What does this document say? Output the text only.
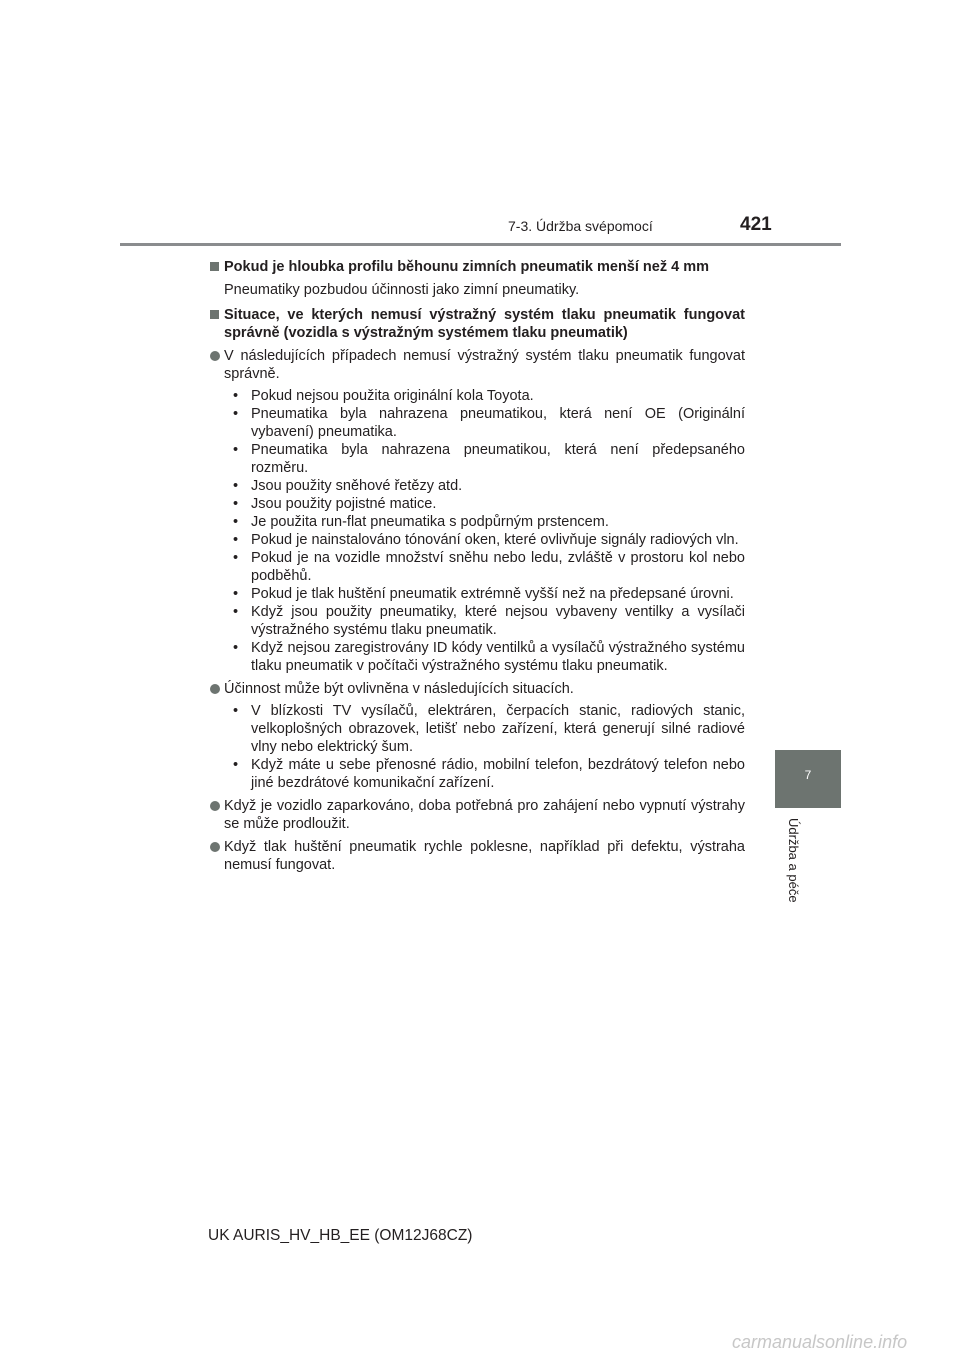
7-3. Údržba svépomocí	421
7
Údržba a péče
Pokud je hloubka profilu běhounu zimních pneumatik menší než 4 mm
Pneumatiky pozbudou účinnosti jako zimní pneumatiky.
Situace, ve kterých nemusí výstražný systém tlaku pneumatik fungovat správně (vozidla s výstražným systémem tlaku pneumatik)
V následujících případech nemusí výstražný systém tlaku pneumatik fungovat správně.
• Pokud nejsou použita originální kola Toyota.
• Pneumatika byla nahrazena pneumatikou, která není OE (Originální vybavení) pneumatika.
• Pneumatika byla nahrazena pneumatikou, která není předepsaného rozměru.
• Jsou použity sněhové řetězy atd.
• Jsou použity pojistné matice.
• Je použita run-flat pneumatika s podpůrným prstencem.
• Pokud je nainstalováno tónování oken, které ovlivňuje signály radiových vln.
• Pokud je na vozidle množství sněhu nebo ledu, zvláště v prostoru kol nebo podběhů.
• Pokud je tlak huštění pneumatik extrémně vyšší než na předepsané úrovni.
• Když jsou použity pneumatiky, které nejsou vybaveny ventilky a vysílači výstražného systému tlaku pneumatik.
• Když nejsou zaregistrovány ID kódy ventilků a vysílačů výstražného systému tlaku pneumatik v počítači výstražného systému tlaku pneumatik.
Účinnost může být ovlivněna v následujících situacích.
• V blízkosti TV vysílačů, elektráren, čerpacích stanic, radiových stanic, velkoplošných obrazovek, letišť nebo zařízení, která generují silné radiové vlny nebo elektrický šum.
• Když máte u sebe přenosné rádio, mobilní telefon, bezdrátový telefon nebo jiné bezdrátové komunikační zařízení.
Když je vozidlo zaparkováno, doba potřebná pro zahájení nebo vypnutí výstrahy se může prodloužit.
Když tlak huštění pneumatik rychle poklesne, například při defektu, výstraha nemusí fungovat.
UK AURIS_HV_HB_EE (OM12J68CZ)
carmanualsonline.info
